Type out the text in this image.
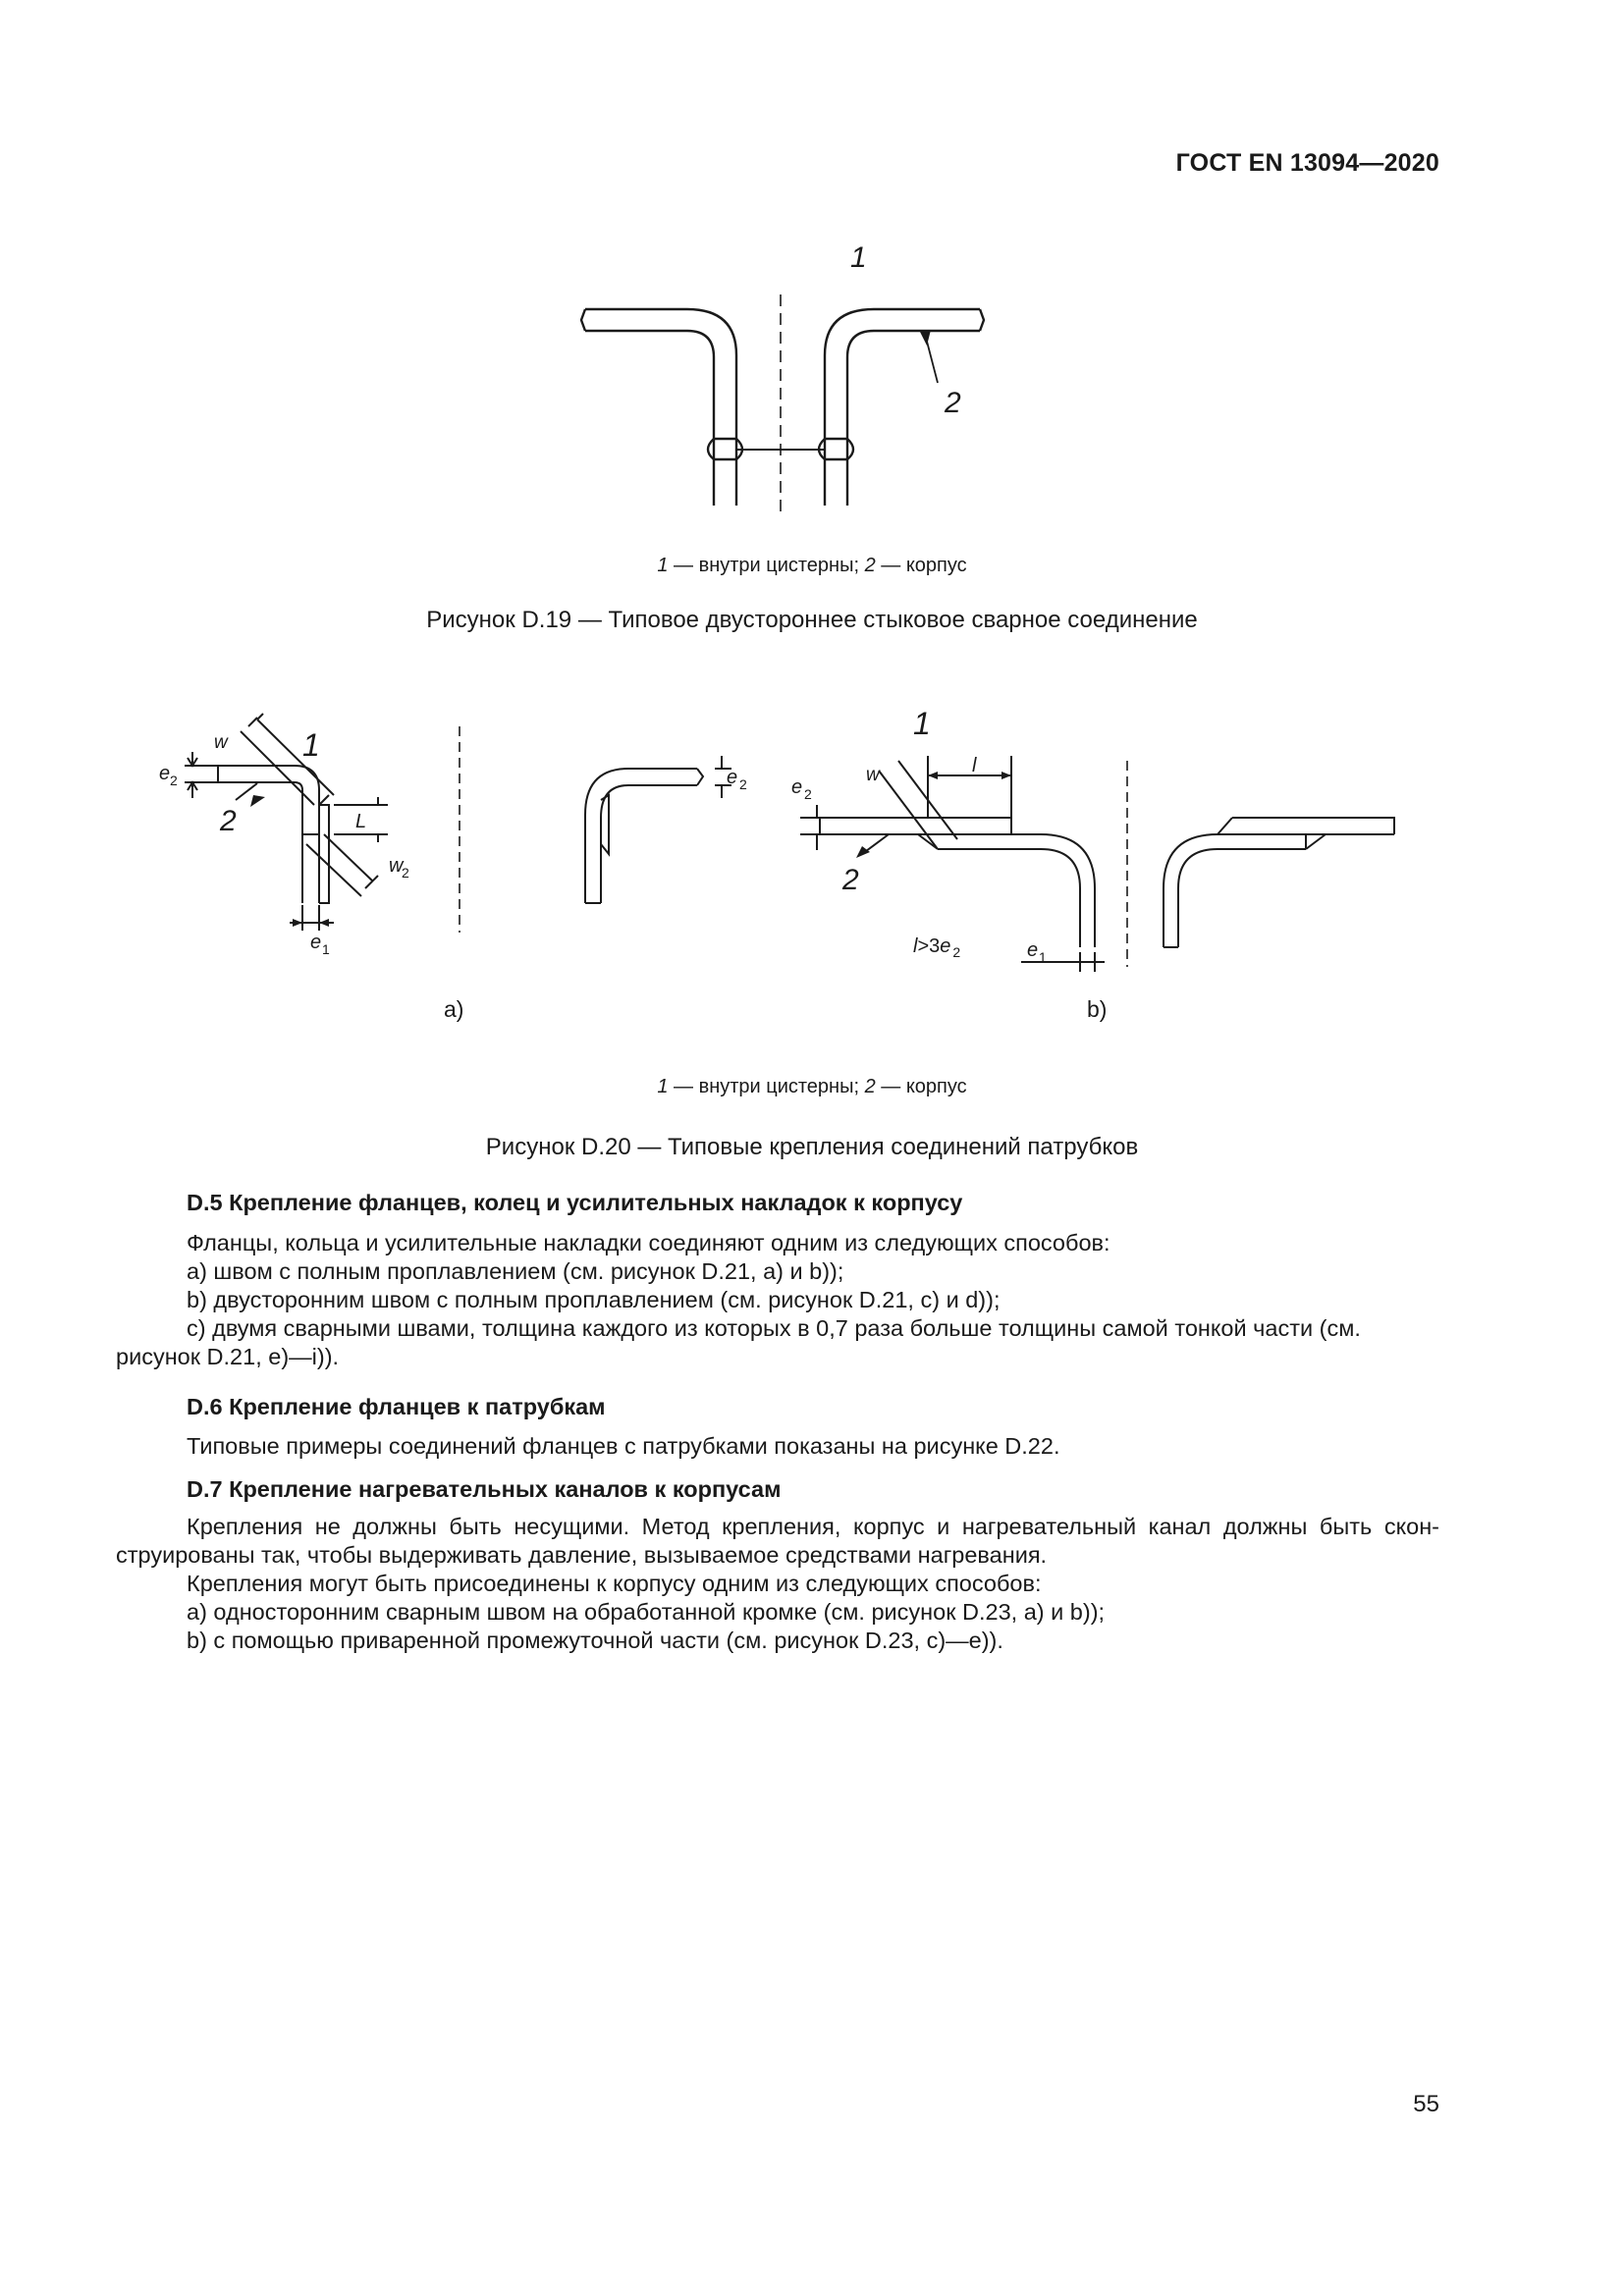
ГОСТ EN 13094—2020
1
2
1 — внутри цистерны; 2 — корпус
Рисунок D.19 — Типовое двустороннее стыковое сварное соединение
w 1
e 2
2	L
w
2
e 1
e 2
a)
1
w	l
e 2
2
l>3e $_2$	e 1
b)
1 — внутри цистерны; 2 — корпус
Рисунок D.20 — Типовые крепления соединений патрубков
D.5 Крепление фланцев, колец и усилительных накладок к корпусу

Фланцы, кольца и усилительные накладки соединяют одним из следующих способов:

а) швом с полным проплавлением (см. рисунок D.21, а) и b));

b) двусторонним швом с полным проплавлением (см. рисунок D.21, c) и d));

c) двумя сварными швами, толщина каждого из которых в 0,7 раза больше толщины самой тонкой части (см. рисунок D.21, e)—i)).

D.6 Крепление фланцев к патрубкам

Типовые примеры соединений фланцев с патрубками показаны на рисунке D.22.

D.7 Крепление нагревательных каналов к корпусам

Крепления не должны быть несущими. Метод крепления, корпус и нагревательный канал должны быть скон-струированы так, чтобы выдерживать давление, вызываемое средствами нагревания.

Крепления могут быть присоединены к корпусу одним из следующих способов:

a) односторонним сварным швом на обработанной кромке (см. рисунок D.23, a) и b));

b) с помощью приваренной промежуточной части (см. рисунок D.23, c)—e)).

55
